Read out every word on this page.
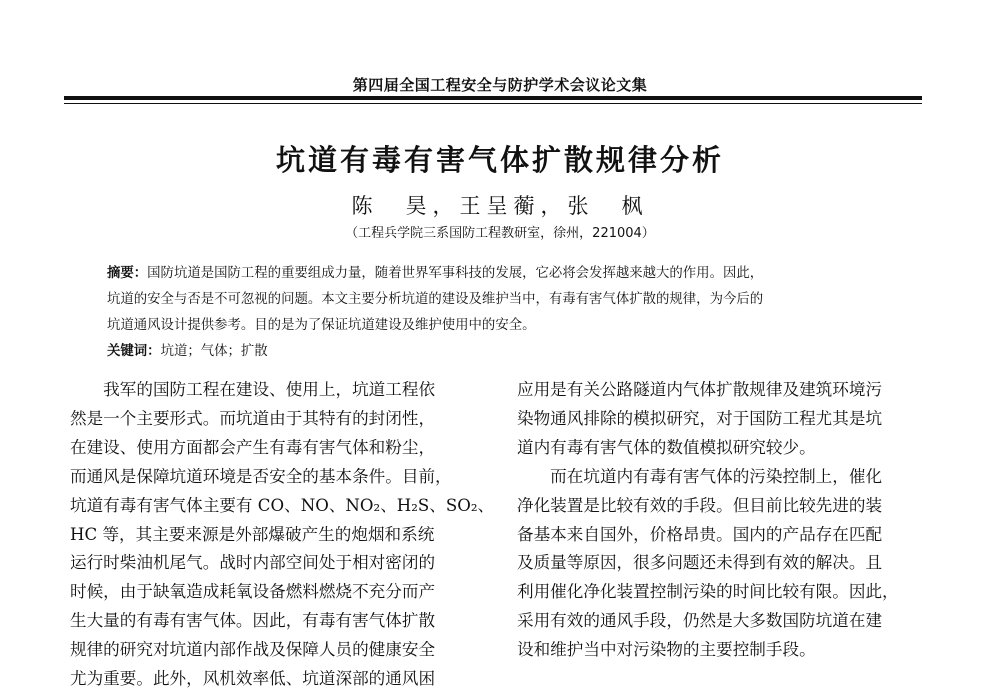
第四届全国工程安全与防护学术会议论文集
坑道有毒有害气体扩散规律分析
陈　昊，王呈蘅，张　枫
（工程兵学院三系国防工程教研室，徐州，221004）
摘要：国防坑道是国防工程的重要组成力量，随着世界军事科技的发展，它必将会发挥越来越大的作用。因此，
坑道的安全与否是不可忽视的问题。本文主要分析坑道的建设及维护当中，有毒有害气体扩散的规律，为今后的
坑道通风设计提供参考。目的是为了保证坑道建设及维护使用中的安全。
关键词：坑道；气体；扩散
　　我军的国防工程在建设、使用上，坑道工程依
然是一个主要形式。而坑道由于其特有的封闭性，
在建设、使用方面都会产生有毒有害气体和粉尘，
而通风是保障坑道环境是否安全的基本条件。目前，
坑道有毒有害气体主要有 CO、NO、NO₂、H₂S、SO₂、
HC 等，其主要来源是外部爆破产生的炮烟和系统
运行时柴油机尾气。战时内部空间处于相对密闭的
时候，由于缺氧造成耗氧设备燃料燃烧不充分而产
生大量的有毒有害气体。因此，有毒有害气体扩散
规律的研究对坑道内部作战及保障人员的健康安全
尤为重要。此外，风机效率低、坑道深部的通风困
应用是有关公路隧道内气体扩散规律及建筑环境污
染物通风排除的模拟研究，对于国防工程尤其是坑
道内有毒有害气体的数值模拟研究较少。
　　而在坑道内有毒有害气体的污染控制上，催化
净化装置是比较有效的手段。但目前比较先进的装
备基本来自国外，价格昂贵。国内的产品存在匹配
及质量等原因，很多问题还未得到有效的解决。且
利用催化净化装置控制污染的时间比较有限。因此，
采用有效的通风手段，仍然是大多数国防坑道在建
设和维护当中对污染物的主要控制手段。
